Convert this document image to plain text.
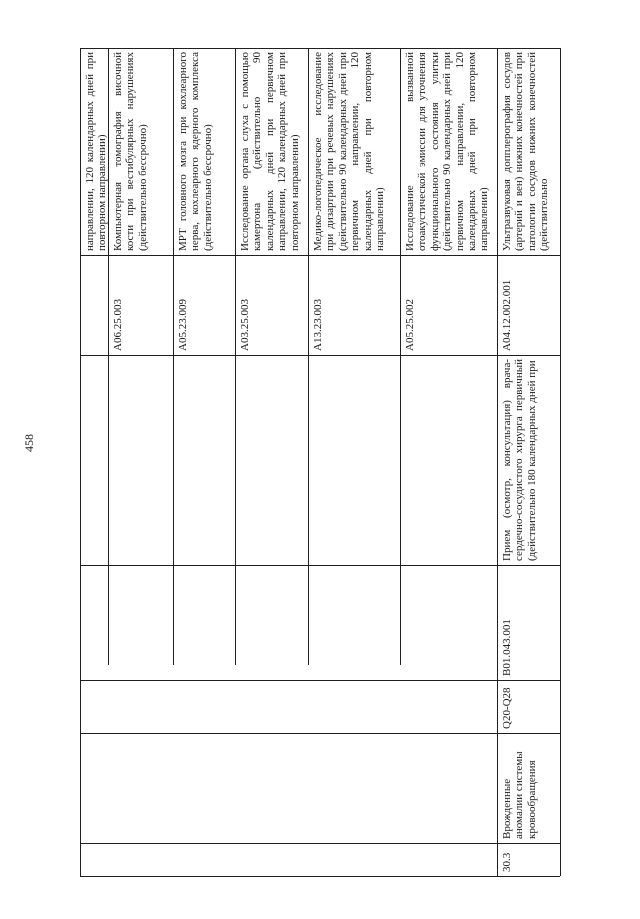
458
направлении, 120 календарных дней при повторном направлении) Компьютерная томография височной кости при вестибулярных нарушениях (действительно бессрочно)
A06.25.003
МРТ головного мозга при кохлеарного нерва, кохлеарного ядерного комплекса (действительно бессрочно)
A05.23.009
Исследование органа слуха с помощью камертона (действительно 90 календарных дней при первичном направлении, 120 календарных дней при повторном направлении)
A03.25.003
Медико-логопедическое исследование при дизартрии при речевых нарушениях (действительно 90 календарных дней при первичном направлении, 120 календарных дней при повторном направлении)
A13.23.003
Исследование вызванной отоакустической эмиссии для уточнения функционального состояния улитки (действительно 90 календарных дней при первичном направлении, 120 календарных дней при повторном направлении)
A05.25.002
Ультразвуковая допплерография сосудов (артерий и вен) нижних конечностей при патологии сосудов нижних конечностей (действительно
A04.12.002.001
Прием (осмотр, консультация) врача-сердечно-сосудистого хирурга первичный (действительно 180 календарных дней при
B01.043.001
Q20-Q28
Врожденные аномалии системы кровообращения
30.3
